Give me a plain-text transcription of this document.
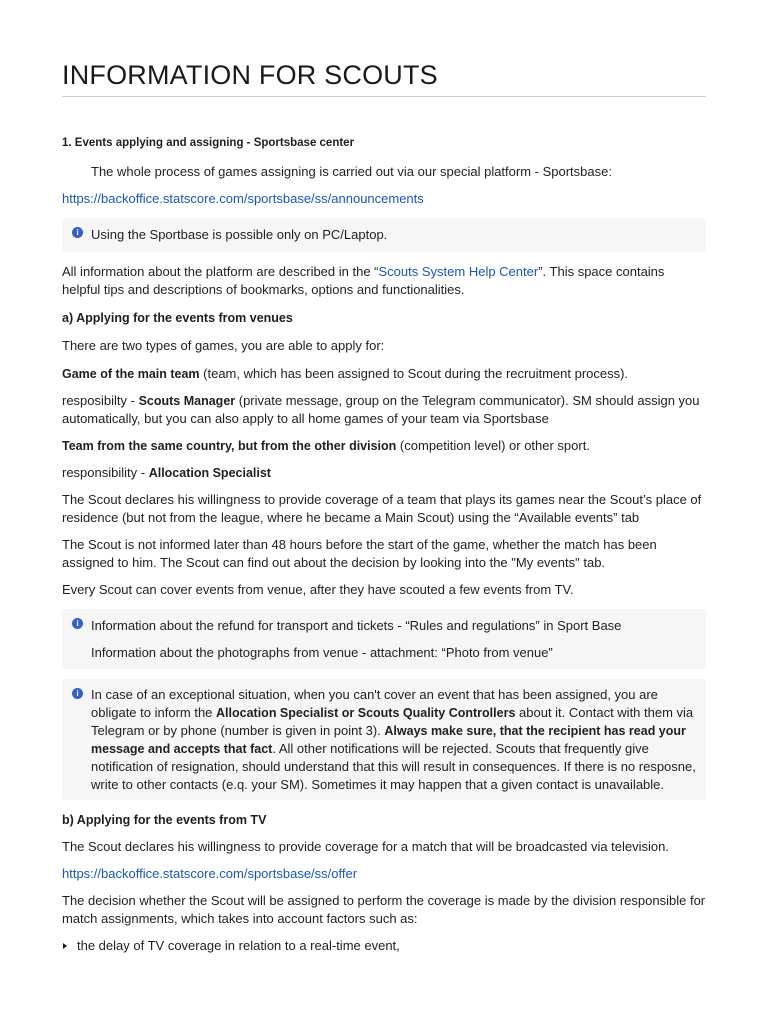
INFORMATION FOR SCOUTS
1. Events applying and assigning - Sportsbase center

The whole process of games assigning is carried out via our special platform - Sportsbase:

https://backoffice.statscore.com/sportsbase/ss/announcements

i Using the Sportbase is possible only on PC/Laptop.

All information about the platform are described in the “Scouts System Help Center”. This space contains helpful tips and descriptions of bookmarks, options and functionalities.

a) Applying for the events from venues

There are two types of games, you are able to apply for:

Game of the main team (team, which has been assigned to Scout during the recruitment process).

resposibilty - Scouts Manager (private message, group on the Telegram communicator). SM should assign you automatically, but you can also apply to all home games of your team via Sportsbase

Team from the same country, but from the other division (competition level) or other sport.

responsibility - Allocation Specialist

The Scout declares his willingness to provide coverage of a team that plays its games near the Scout’s place of residence (but not from the league, where he became a Main Scout) using the “Available events” tab

The Scout is not informed later than 48 hours before the start of the game, whether the match has been assigned to him. The Scout can find out about the decision by looking into the "My events" tab.

Every Scout can cover events from venue, after they have scouted a few events from TV.

i Information about the refund for transport and tickets - “Rules and regulations” in Sport Base

Information about the photographs from venue - attachment: “Photo from venue”

i In case of an exceptional situation, when you can't cover an event that has been assigned, you are obligate to inform the Allocation Specialist or Scouts Quality Controllers about it. Contact with them via Telegram or by phone (number is given in point 3). Always make sure, that the recipient has read your message and accepts that fact. All other notifications will be rejected. Scouts that frequently give notification of resignation, should understand that this will result in consequences. If there is no resposne, write to other contacts (e.q. your SM). Sometimes it may happen that a given contact is unavailable.

b) Applying for the events from TV

The Scout declares his willingness to provide coverage for a match that will be broadcasted via television.

https://backoffice.statscore.com/sportsbase/ss/offer

The decision whether the Scout will be assigned to perform the coverage is made by the division responsible for match assignments, which takes into account factors such as:

the delay of TV coverage in relation to a real-time event,
